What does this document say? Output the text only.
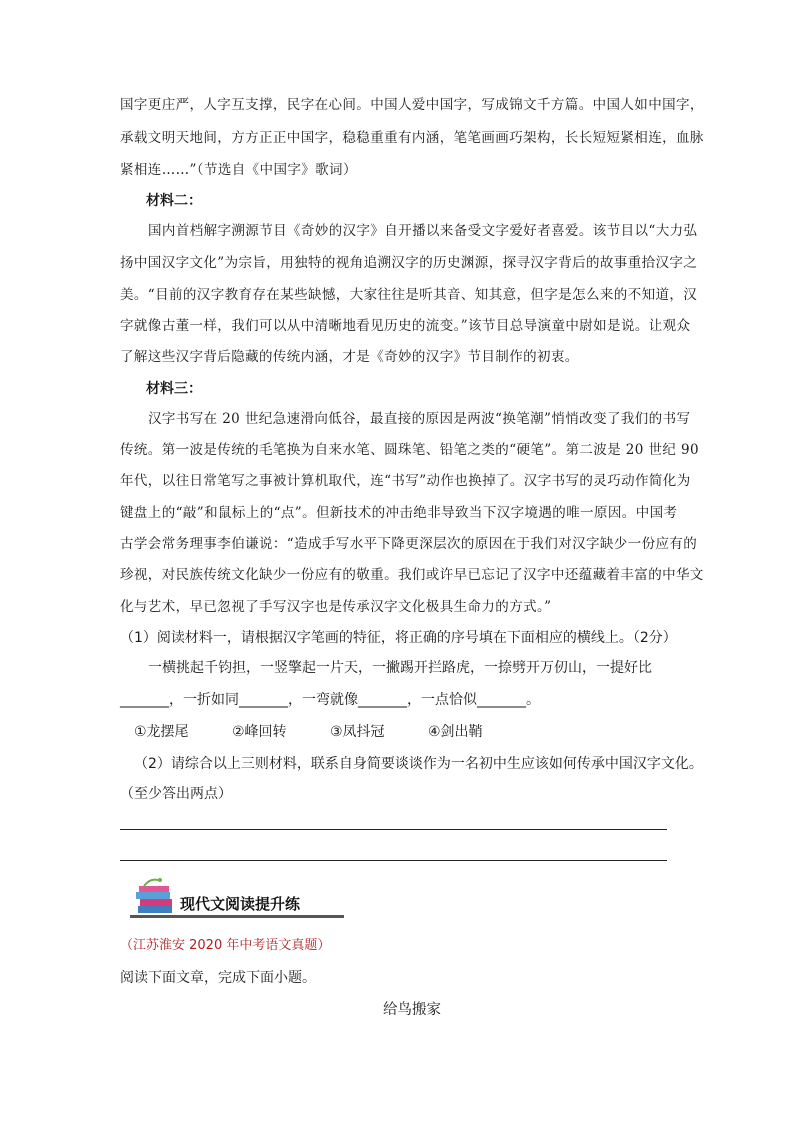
国字更庄严，人字互支撑，民字在心间。中国人爱中国字，写成锦文千方篇。中国人如中国字，
承载文明天地间，方方正正中国字，稳稳重重有内涵，笔笔画画巧架构，长长短短紧相连，血脉
紧相连……”（节选自《中国字》歌词）
材料二：
国内首档解字溯源节目《奇妙的汉字》自开播以来备受文字爱好者喜爱。该节目以“大力弘
扬中国汉字文化”为宗旨，用独特的视角追溯汉字的历史渊源，探寻汉字背后的故事重拾汉字之
美。“目前的汉字教育存在某些缺憾，大家往往是听其音、知其意，但字是怎么来的不知道，汉
字就像古董一样，我们可以从中清晰地看见历史的流变。”该节目总导演童中尉如是说。让观众
了解这些汉字背后隐藏的传统内涵，才是《奇妙的汉字》节目制作的初衷。
材料三：
汉字书写在 20 世纪急速滑向低谷，最直接的原因是两波“换笔潮”悄悄改变了我们的书写
传统。第一波是传统的毛笔换为自来水笔、圆珠笔、铅笔之类的“硬笔”。第二波是 20 世纪 90
年代，以往日常笔写之事被计算机取代，连“书写”动作也换掉了。汉字书写的灵巧动作简化为
键盘上的“敲”和鼠标上的“点”。但新技术的冲击绝非导致当下汉字境遇的唯一原因。中国考
古学会常务理事李伯谦说：“造成手写水平下降更深层次的原因在于我们对汉字缺少一份应有的
珍视，对民族传统文化缺少一份应有的敬重。我们或许早已忘记了汉字中还蕴藏着丰富的中华文
化与艺术，早已忽视了手写汉字也是传承汉字文化极具生命力的方式。”
（1）阅读材料一，请根据汉字笔画的特征，将正确的序号填在下面相应的横线上。（2分）
一横挑起千钧担，一竖擎起一片天，一撇踢开拦路虎，一捺劈开万仞山，一提好比
_______，一折如同_______，一弯就像_______，一点恰似_______。
①龙摆尾	②峰回转	③凤抖冠	④剑出鞘
（2）请综合以上三则材料，联系自身简要谈谈作为一名初中生应该如何传承中国汉字文化。
（至少答出两点）
现代文阅读提升练
（江苏淮安 2020 年中考语文真题）
阅读下面文章，完成下面小题。
给鸟搬家
